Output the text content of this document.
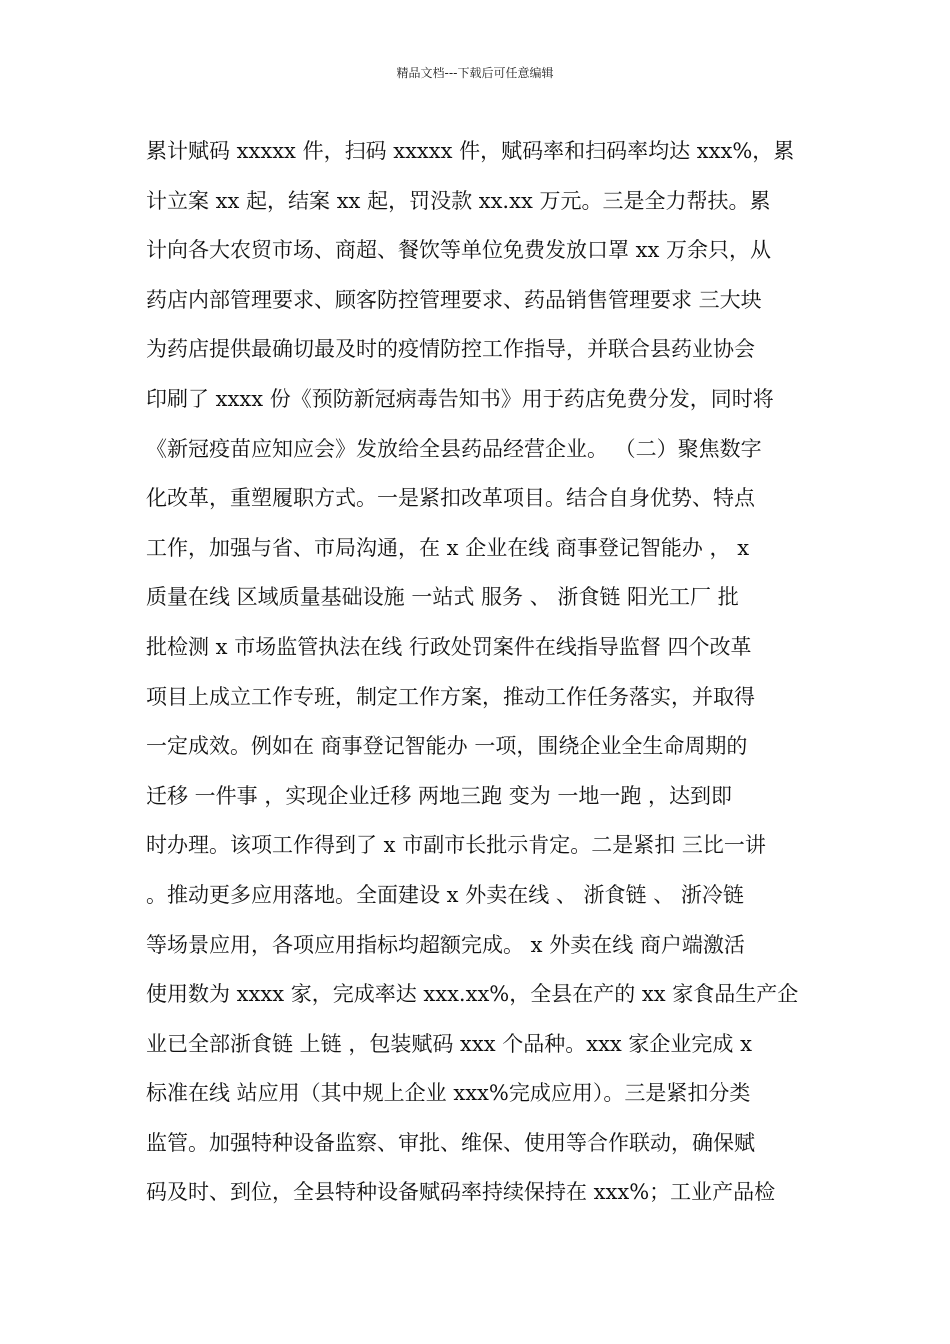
精品文档---下载后可任意编辑
累计赋码 xxxxx 件，扫码 xxxxx 件，赋码率和扫码率均达 xxx%，累
计立案 xx 起，结案 xx 起，罚没款 xx.xx 万元。三是全力帮扶。累
计向各大农贸市场、商超、餐饮等单位免费发放口罩 xx 万余只，从
药店内部管理要求、顾客防控管理要求、药品销售管理要求 三大块
为药店提供最确切最及时的疫情防控工作指导，并联合县药业协会
印刷了 xxxx 份《预防新冠病毒告知书》用于药店免费分发，同时将
《新冠疫苗应知应会》发放给全县药品经营企业。 （二）聚焦数字
化改革，重塑履职方式。一是紧扣改革项目。结合自身优势、特点
工作，加强与省、市局沟通，在 x 企业在线 商事登记智能办 ， x
质量在线 区域质量基础设施 一站式 服务 、 浙食链 阳光工厂 批
批检测 x 市场监管执法在线 行政处罚案件在线指导监督 四个改革
项目上成立工作专班，制定工作方案，推动工作任务落实，并取得
一定成效。例如在 商事登记智能办 一项，围绕企业全生命周期的
迁移 一件事 ，实现企业迁移 两地三跑 变为 一地一跑 ，达到即
时办理。该项工作得到了 x 市副市长批示肯定。二是紧扣 三比一讲
。推动更多应用落地。全面建设 x 外卖在线 、 浙食链 、 浙冷链
等场景应用，各项应用指标均超额完成。 x 外卖在线 商户端激活
使用数为 xxxx 家，完成率达 xxx.xx%，全县在产的 xx 家食品生产企
业已全部浙食链 上链 ，包装赋码 xxx 个品种。xxx 家企业完成 x
标准在线 站应用（其中规上企业 xxx%完成应用）。三是紧扣分类
监管。加强特种设备监察、审批、维保、使用等合作联动，确保赋
码及时、到位，全县特种设备赋码率持续保持在 xxx%；工业产品检
